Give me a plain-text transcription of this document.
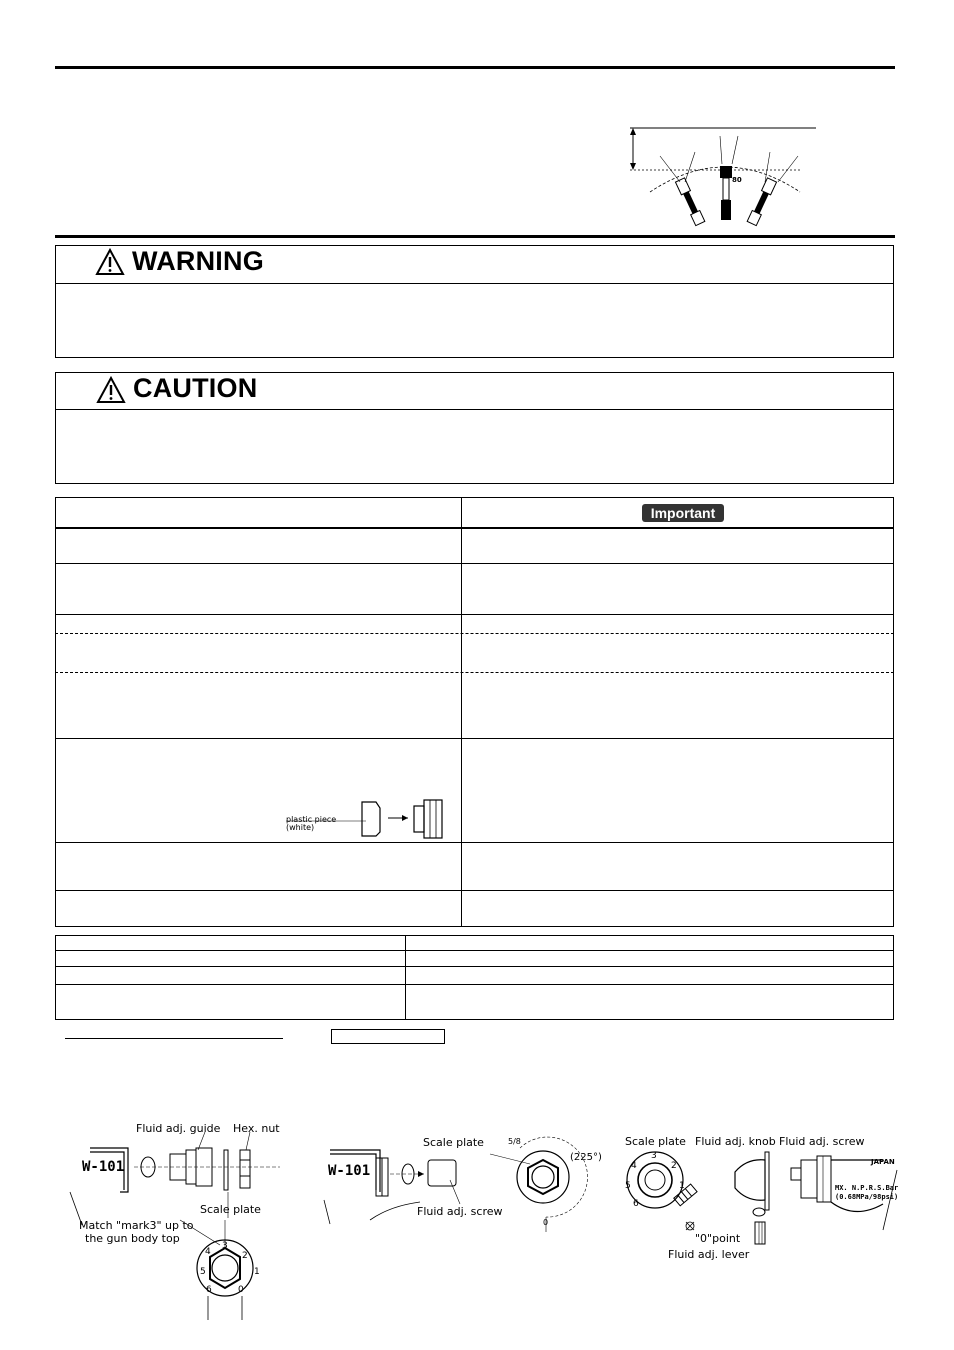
80
WARNING
CAUTION
Important
plastic piece
(white)
W-101
1
2
3
4
5
6	0
Fluid adj. guide Hex. nut
Scale plate
Match "mark3" up to
the gun body top
W-101
5/8
(225°)
Scale plate
Fluid adj. screw
0
3
2
1
4
5
6
MX. N.P.R.S.Bar
(0.68MPa/98psi)
JAPAN
Scale plate Fluid adj. knob Fluid adj. screw
"0"point
Fluid adj. lever
